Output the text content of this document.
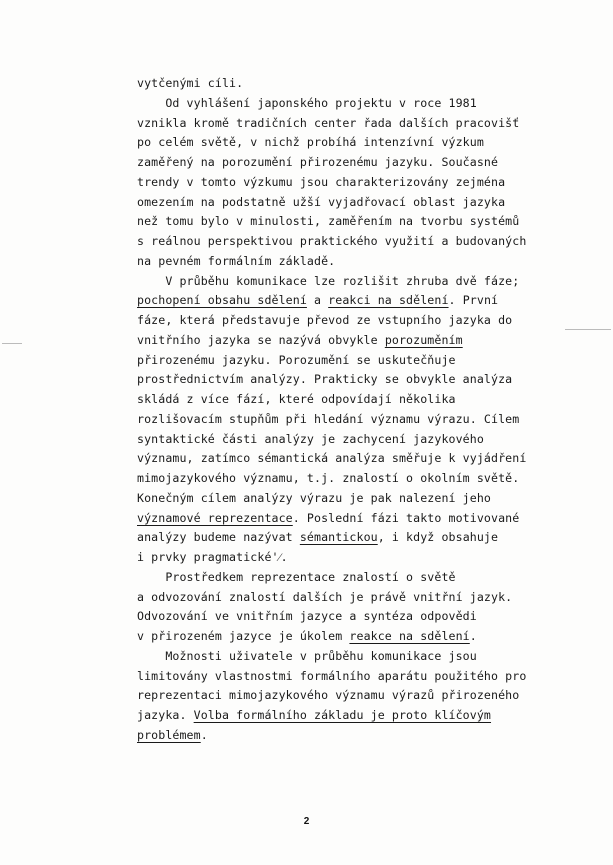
vytčenými cíli.
Od vyhlášení japonského projektu v roce 1981
vznikla kromě tradičních center řada dalších pracovišť
po celém světě, v nichž probíhá intenzívní výzkum
zaměřený na porozumění přirozenému jazyku. Současné
trendy v tomto výzkumu jsou charakterizovány zejména
omezením na podstatně užší vyjadřovací oblast jazyka
než tomu bylo v minulosti, zaměřením na tvorbu systémů
s reálnou perspektivou praktického využití a budovaných
na pevném formálním základě.
V průběhu komunikace lze rozlišit zhruba dvě fáze;
pochopení obsahu sdělení a reakci na sdělení. První
fáze, která představuje převod ze vstupního jazyka do
vnitřního jazyka se nazývá obvykle porozuměním
přirozenému jazyku. Porozumění se uskutečňuje
prostřednictvím analýzy. Prakticky se obvykle analýza
skládá z více fází, které odpovídají několika
rozlišovacím stupňům při hledání významu výrazu. Cílem
syntaktické části analýzy je zachycení jazykového
významu, zatímco sémantická analýza směřuje k vyjádření
mimojazykového významu, t.j. znalostí o okolním světě.
Konečným cílem analýzy výrazu je pak nalezení jeho
významové reprezentace. Poslední fázi takto motivované
analýzy budeme nazývat sémantickou, i když obsahuje
i prvky pragmatické'⁄.
Prostředkem reprezentace znalostí o světě
a odvozování znalostí dalších je právě vnitřní jazyk.
Odvozování ve vnitřním jazyce a syntéza odpovědi
v přirozeném jazyce je úkolem reakce na sdělení.
Možnosti uživatele v průběhu komunikace jsou
limitovány vlastnostmi formálního aparátu použitého pro
reprezentaci mimojazykového významu výrazů přirozeného
jazyka. Volba formálního základu je proto klíčovým
problémem.
2
